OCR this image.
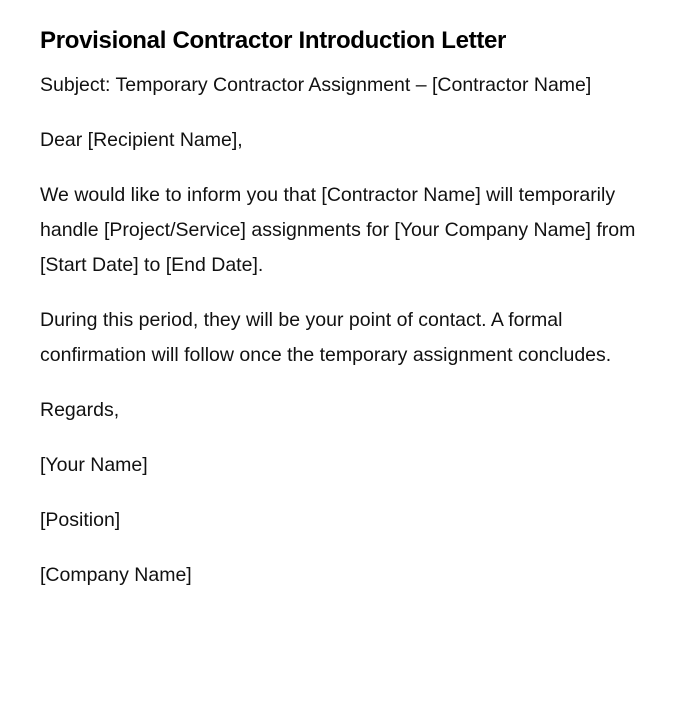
Provisional Contractor Introduction Letter

Subject: Temporary Contractor Assignment – [Contractor Name]

Dear [Recipient Name],

We would like to inform you that [Contractor Name] will temporarily handle [Project/Service] assignments for [Your Company Name] from [Start Date] to [End Date].

During this period, they will be your point of contact. A formal confirmation will follow once the temporary assignment concludes.

Regards,

[Your Name]

[Position]

[Company Name]
